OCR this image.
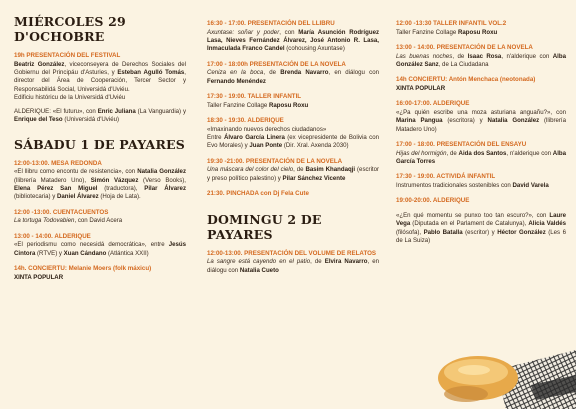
MIÉRCOLES 29 D'OCHOBRE
19h PRESENTACIÓN DEL FESTIVAL
Beatriz González, viceconseyera de Derechos Sociales del Gobiernu del Principáu d'Asturies, y Esteban Agulló Tomás, director del Área de Cooperación, Tercer Sector y Responsabilidá Social, Universidá d'Uviéu.
Edificiu históricu de la Universidá d'Uviéu
ALDERIQUE: «El futuru», con Enric Juliana (La Vanguardia) y Enrique del Teso (Universidá d'Uviéu)
SÁBADU 1 DE PAYARES
12:00-13:00. MESA REDONDA
«El llibru como encontu de resistencia», con Natalia González (llibrería Matadero Uno), Simón Vázquez (Verso Books), Elena Pérez San Miguel (traductora), Pilar Álvarez (bibliotecaria) y Daniel Álvarez (Hoja de Lata).
12:00 -13:00. CUENTACUENTOS
La tortuga Todovabien, con David Acera
13:00 - 14:00. ALDERIQUE
«El periodismu como necesidá democrática», entre Jesús Cintora (RTVE) y Xuan Cándano (Atlántica XXII)
14h. CONCIERTU: Melanie Moers (folk máxicu)
XINTA POPULAR
16:30 - 17:00. PRESENTACIÓN DEL LLIBRU
Axuntase: soñar y poder, con María Asunción Rodríguez Lasa, Nieves Fernández Álvarez, José Antonio R. Lasa, Inmaculada Franco Candel (cohousing Axuntase)
17:00 - 18:00h PRESENTACIÓN DE LA NOVELA
Ceniza en la boca, de Brenda Navarro, en diálogu con Fernando Menéndez
17:30 - 19:00. TALLER INFANTIL
Taller Fanzine Collage Raposu Roxu
18:30 - 19:30. ALDERIQUE
«Imaxinando nuevos derechos ciudadanos»
Entre Álvaro García Linera (ex vicepresidente de Bolivia con Evo Morales) y Juan Ponte (Dir. Xral. Axenda 2030)
19:30 -21:00. PRESENTACIÓN DE LA NOVELA
Una máscara del color del cielo, de Basim Khandaqji (escritor y preso político palestino) y Pilar Sánchez Vicente
21:30. PINCHADA con Dj Fela Cute
DOMINGU 2 DE PAYARES
12:00-13:00. PRESENTACIÓN DEL VOLUME DE RELATOS
La sangre está cayendo en el patio, de Elvira Navarro, en diálogu con Natalia Cueto
12:00 -13:30 TALLER INFANTIL VOL.2
Taller Fanzine Collage Raposu Roxu
13:00 - 14:00. PRESENTACIÓN DE LA NOVELA
Las buenas noches, de Isaac Rosa, n'alderique con Alba González Sanz, de La Ciudadana
14h CONCIERTU: Antón Menchaca (neotonada)
XINTA POPULAR
16:00-17:00. ALDERIQUE
«¿Pa quién escribe una moza asturiana anguañu?», con Marina Pangua (escritora) y Natalia González (llibrería Matadero Uno)
17:00 - 18:00. PRESENTACIÓN DEL ENSAYU
Hijas del hormigón, de Aida dos Santos, n'alderique con Alba García Torres
17:30 - 19:00. ACTIVIDÁ INFANTIL
Instrumentos tradicionales sostenibles con David Varela
19:00-20:00. ALDERIQUE
«¿En qué momentu se punxo too tan escuro?», con Laure Vega (Diputada en el Parlament de Catalunya), Alicia Valdés (filósofa), Pablo Batalla (escritor) y Héctor González (Les 6 de La Suiza)
